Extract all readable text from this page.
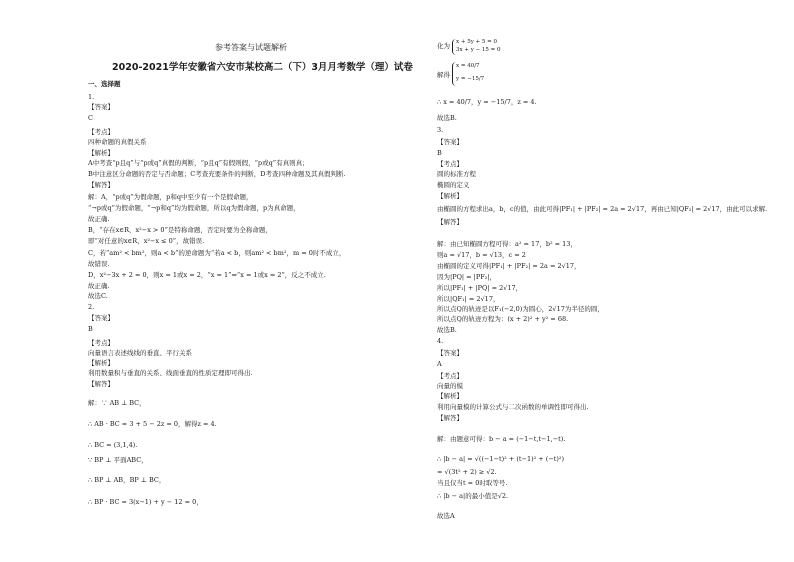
参考答案与试题解析
2020-2021学年安徽省六安市某校高二（下）3月月考数学（理）试卷
一、选择题
1.
【答案】
C
【考点】
四种命题的真假关系
【解析】
A中考查“p且q”与“p或q”真假的判断，“p且q”有假则假，“p或q”有真则真；
B中注意区分命题的否定与否命题；C考查充要条件的判断，D考查四种命题及其真假判断.
【解答】
解：A，“p或q”为假命题，p和q中至少有一个是假命题，
“¬p或q”为假命题，“¬p和q”均为假命题，所以q为假命题，p为真命题，
故正确.
B，“存在x∈R，x²−x > 0”是特称命题，否定时要为全称命题，
即“对任意的x∈R，x²−x ≤ 0”，故错误.
C，若“am² < bm²，则a < b”的逆命题为“若a < b，则am² < bm²，m = 0时不成立，
故错误.
D，x²−3x + 2 = 0，则x = 1或x = 2，“x = 1”⇒“x = 1或x = 2”，反之不成立.
故正确.
故选C.
2.
【答案】
B
【考点】
向量语言表述线线的垂直、平行关系
【解析】
利用数量积与垂直的关系、线面垂直的性质定理即可得出.
【解答】
解：∵ AB ⊥ BC，
∴ AB · BC = 3 + 5 − 2z = 0，解得z = 4.
∴ BC = (3,1,4).
∵ BP ⊥ 平面ABC，
∴ BP ⊥ AB，BP ⊥ BC，
∴ BP · BC = 3(x−1) + y − 12 = 0，
化为 x + 5y + 5 = 0
3x + y − 15 = 0
解得
x = 40/7
y = −15/7
∴ x = 40/7，y = −15/7，z = 4.
故选B.
3.
【答案】
B
【考点】
圆的标准方程
椭圆的定义
【解析】
由椭圆的方程求出a，b，c的值，由此可得|PF₁| + |PF₂| = 2a = 2√17，再由已知|QF₂| = 2√17，由此可以求解.
【解答】
解：由已知椭圆方程可得：a² = 17，b² = 13，
则a = √17，b = √13，c = 2
由椭圆的定义可得|PF₁| + |PF₂| = 2a = 2√17，
因为|PQ| = |PF₂|，
所以|PF₁| + |PQ| = 2√17，
所以|QF₁| = 2√17，
所以点Q的轨迹是以F₁(−2,0)为圆心，2√17为半径的圆，
所以点Q的轨迹方程为：(x + 2)² + y² = 68.
故选B.
4.
【答案】
A
【考点】
向量的模
【解析】
利用向量模的计算公式与二次函数的单调性即可得出.
【解答】
解：由题意可得：b − a = (−1−t,t−1,−t).
∴ |b − a| = √((−1−t)² + (t−1)² + (−t)²)
= √(3t² + 2) ≥ √2.
当且仅当t = 0时取等号.
∴ |b − a|的最小值是√2.
故选A
